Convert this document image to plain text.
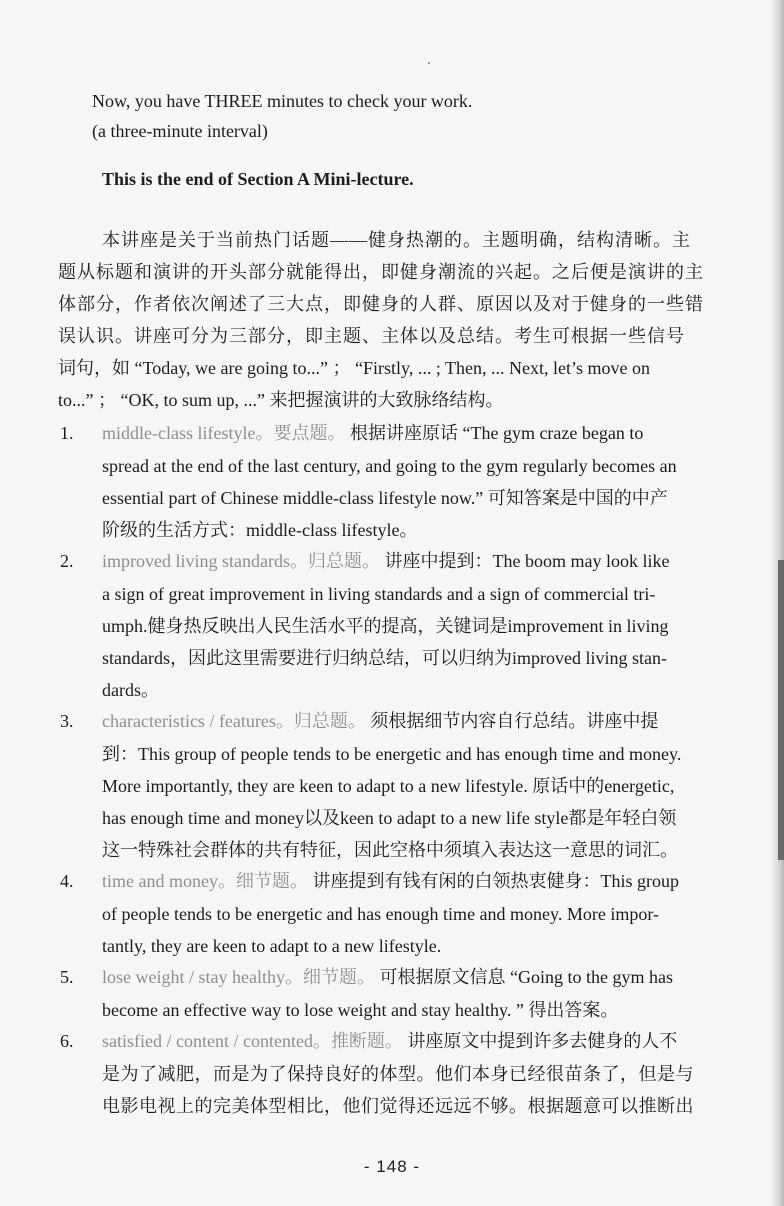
Now, you have THREE minutes to check your work.
(a three-minute interval)
This is the end of Section A Mini-lecture.
本讲座是关于当前热门话题——健身热潮的。主题明确，结构清晰。主
题从标题和演讲的开头部分就能得出，即健身潮流的兴起。之后便是演讲的主
体部分，作者依次阐述了三大点，即健身的人群、原因以及对于健身的一些错
误认识。讲座可分为三部分，即主题、主体以及总结。考生可根据一些信号
词句，如 “Today, we are going to...” ； “Firstly, ... ; Then, ... Next, let’s move on
to...” ； “OK, to sum up, ...” 来把握演讲的大致脉络结构。
1. middle-class lifestyle。要点题。 根据讲座原话 “The gym craze began to
spread at the end of the last century, and going to the gym regularly becomes an
essential part of Chinese middle-class lifestyle now.” 可知答案是中国的中产
阶级的生活方式：middle-class lifestyle。
2. improved living standards。归总题。 讲座中提到：The boom may look like
a sign of great improvement in living standards and a sign of commercial tri-
umph.健身热反映出人民生活水平的提高，关键词是improvement in living
standards，因此这里需要进行归纳总结，可以归纳为improved living stan-
dards。
3. characteristics / features。归总题。 须根据细节内容自行总结。讲座中提
到：This group of people tends to be energetic and has enough time and money.
More importantly, they are keen to adapt to a new lifestyle. 原话中的energetic,
has enough time and money以及keen to adapt to a new life style都是年轻白领
这一特殊社会群体的共有特征，因此空格中须填入表达这一意思的词汇。
4. time and money。细节题。 讲座提到有钱有闲的白领热衷健身：This group
of people tends to be energetic and has enough time and money. More impor-
tantly, they are keen to adapt to a new lifestyle.
5. lose weight / stay healthy。细节题。 可根据原文信息 “Going to the gym has
become an effective way to lose weight and stay healthy. ” 得出答案。
6. satisfied / content / contented。推断题。 讲座原文中提到许多去健身的人不
是为了减肥，而是为了保持良好的体型。他们本身已经很苗条了，但是与
电影电视上的完美体型相比，他们觉得还远远不够。根据题意可以推断出
- 148 -
